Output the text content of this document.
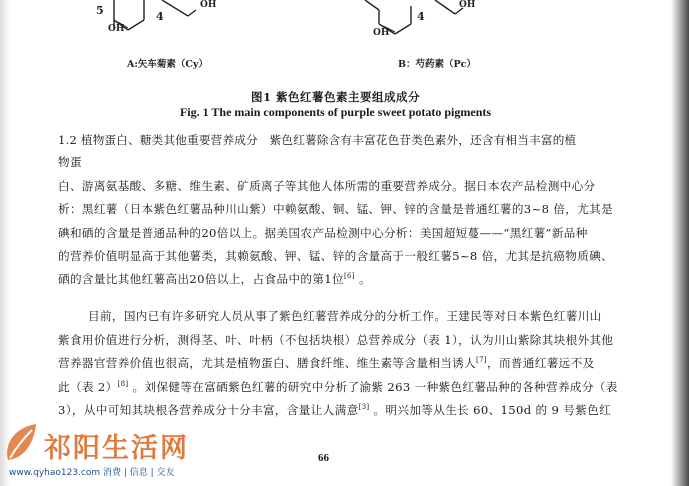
5
OH
OH
4
A:矢车菊素（Cy）
OH
OH
4
B：芍药素（Pc）
图1 紫色红薯色素主要组成成分
Fig. 1 The main components of purple sweet potato pigments
1.2 植物蛋白、糖类其他重要营养成分　 紫色红薯除含有丰富花色苷类色素外，还含有相当丰富的植
物蛋
白、游离氨基酸、多糖、维生素、矿质离子等其他人体所需的重要营养成分。据日本农产品检测中心分
析：黑红薯（日本紫色红薯品种川山紫）中赖氨酸、铜、锰、钾、锌的含量是普通红薯的3~8 倍，尤其是
碘和硒的含量是普通品种的20倍以上。据美国农产品检测中心分析：美国超短蔓——“黑红薯”新品种
的营养价值明显高于其他薯类，其赖氨酸、钾、锰、锌的含量高于一般红薯5~8 倍，尤其是抗癌物质碘、
硒的含量比其他红薯高出20倍以上，占食品中的第1位[6] 。
目前，国内已有许多研究人员从事了紫色红薯营养成分的分析工作。王建民等对日本紫色红薯川山
紫食用价值进行分析，测得茎、叶、叶柄（不包括块根）总营养成分（表 1），认为川山紫除其块根外其他
营养器官营养价值也很高，尤其是植物蛋白、膳食纤维、维生素等含量相当诱人[7]，而普通红薯远不及
此（表 2）[8] 。刘保健等在富硒紫色红薯的研究中分析了渝紫 263 一种紫色红薯品种的各种营养成分（表
3），从中可知其块根各营养成分十分丰富，含量让人满意[3] 。明兴加等从生长 60、150d 的 9 号紫色红
66
祁阳生活网
www.qyhao123.com 消费 | 信息 | 交友
